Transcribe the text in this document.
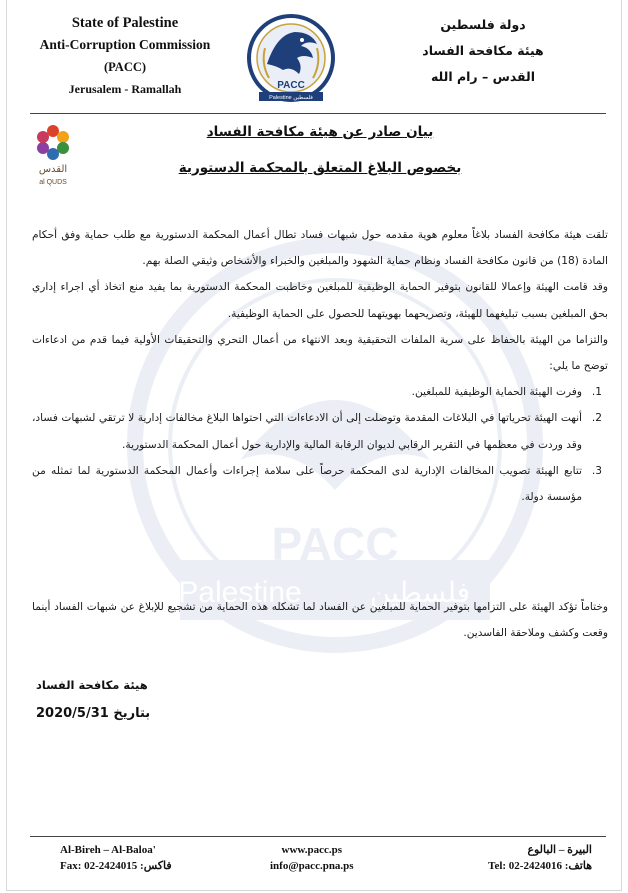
PACC
Palestine فلسطين
State of Palestine
Anti-Corruption Commission
(PACC)
Jerusalem - Ramallah	PACC
Palestine فلسطين
دولة فلسطين
هيئة مكافحة الفساد
القدس – رام الله
القدس
al QUDS
بيان صادر عن هيئة مكافحة الفساد
بخصوص البلاغ المتعلق بالمحكمة الدستورية

تلقت هيئة مكافحة الفساد بلاغاً معلوم هوية مقدمه حول شبهات فساد تطال أعمال المحكمة الدستورية مع طلب حماية وفق أحكام المادة (18) من قانون مكافحة الفساد ونظام حماية الشهود والمبلغين والخبراء والأشخاص وثيقي الصلة بهم.

وقد قامت الهيئة وإعمالا للقانون بتوفير الحماية الوظيفية للمبلغين وخاطبت المحكمة الدستورية بما يفيد منع اتخاذ أي اجراء إداري بحق المبلغين بسبب تبليغهما للهيئة، وتصريحهما بهويتهما للحصول على الحماية الوظيفية.

والتزاما من الهيئة بالحفاظ على سرية الملفات التحقيقية وبعد الانتهاء من أعمال التحري والتحقيقات الأولية فيما قدم من ادعاءات توضح ما يلي:

1.
وفرت الهيئة الحماية الوظيفية للمبلغين.
2.
أنهت الهيئة تحرياتها في البلاغات المقدمة وتوصلت إلى أن الادعاءات التي احتواها البلاغ مخالفات إدارية لا ترتقي لشبهات فساد، وقد وردت في معظمها في التقرير الرقابي لديوان الرقابة المالية والإدارية حول أعمال المحكمة الدستورية.
3.
تتابع الهيئة تصويب المخالفات الإدارية لدى المحكمة حرصاً على سلامة إجراءات وأعمال المحكمة الدستورية لما تمثله من مؤسسة دولة.
وختاماً تؤكد الهيئة على التزامها بتوفير الحماية للمبلغين عن الفساد لما تشكله هذه الحماية من تشجيع للإبلاغ عن شبهات الفساد أينما وقعت وكشف وملاحقة الفاسدين.
هيئة مكافحة الفساد
بتاريخ 2020/5/31
Al-Bireh – Al-Baloa'
Fax: 02-2424015 :فاكس
www.pacc.ps
info@pacc.pna.ps
البيرة – البالوع
Tel: 02-2424016 :هاتف
